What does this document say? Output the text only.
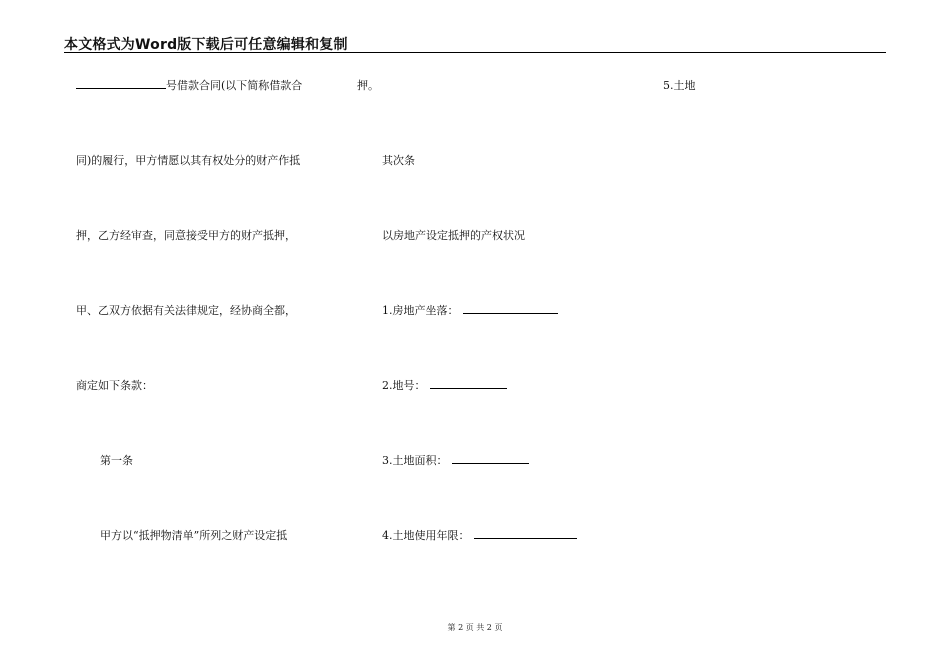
本文格式为Word版下载后可任意编辑和复制
号借款合同(以下简称借款合
同)的履行，甲方情愿以其有权处分的财产作抵
押，乙方经审查，同意接受甲方的财产抵押，
甲、乙双方依据有关法律规定，经协商全都，
商定如下条款：
第一条
甲方以“抵押物清单”所列之财产设定抵
押。
其次条
以房地产设定抵押的产权状况
1.房地产坐落：
2.地号：
3.土地面积：
4.土地使用年限：
5.土地
第 2 页 共 2 页
